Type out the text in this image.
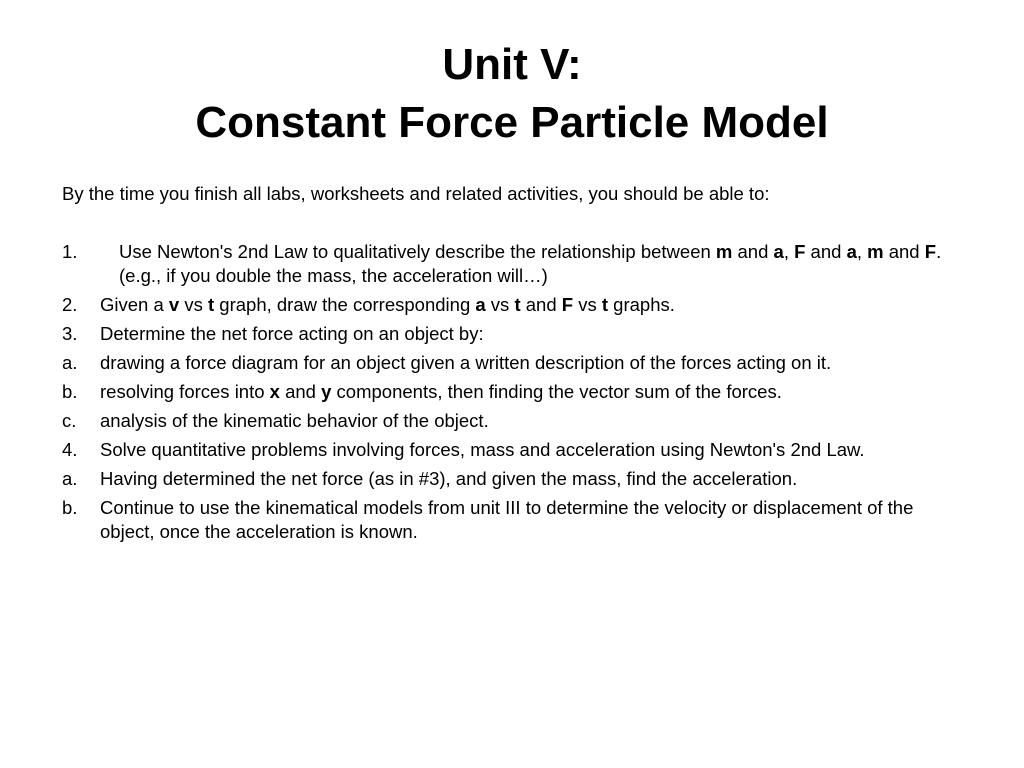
Unit V:
Constant Force Particle Model
By the time you finish all labs, worksheets and related activities, you should be able to:
1.	Use Newton's 2nd Law to qualitatively describe the relationship between m and a, F and a, m and F. (e.g., if you double the mass, the acceleration will…)
2.	Given a v vs t graph, draw the corresponding a vs t and F vs t graphs.
3.	Determine the net force acting on an object by:
a.	drawing a force diagram for an object given a written description of the forces acting on it.
b.	resolving forces into x and y components, then finding the vector sum of the forces.
c.	analysis of the kinematic behavior of the object.
4.	Solve quantitative problems involving forces, mass and acceleration using Newton's 2nd Law.
a.	Having determined the net force (as in #3), and given the mass, find the acceleration.
b.	Continue to use the kinematical models from unit III to determine the velocity or displacement of the object, once the acceleration is known.
